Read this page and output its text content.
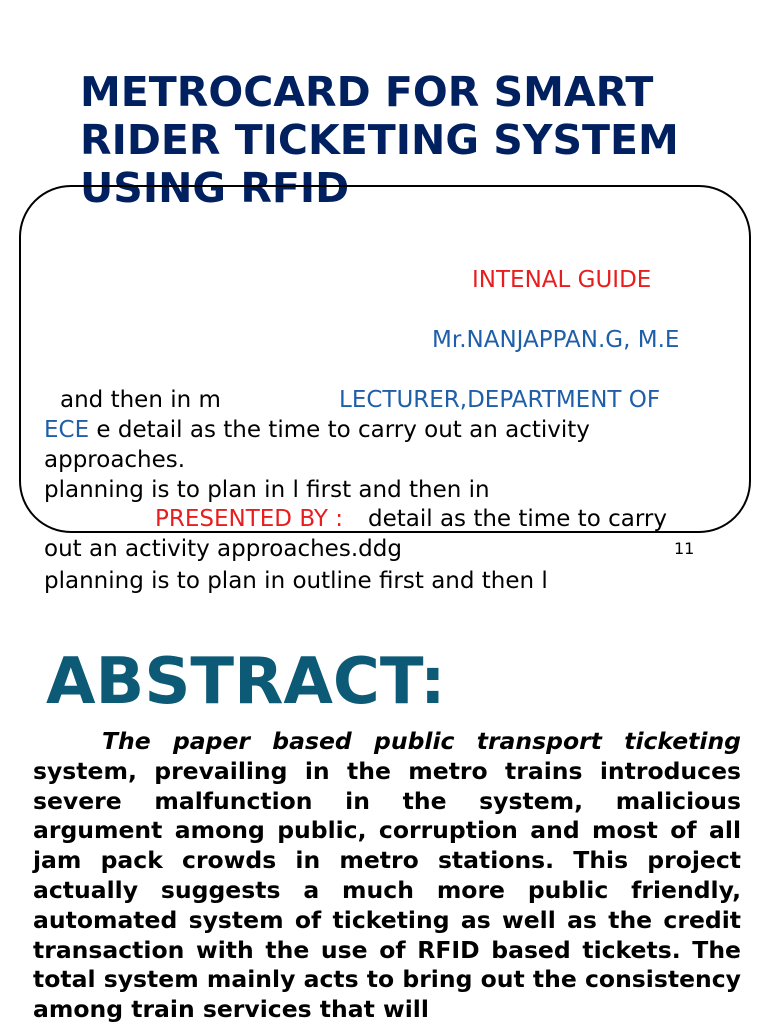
METROCARD FOR SMART RIDER TICKETING SYSTEM USING RFID
INTENAL GUIDE
Mr.NANJAPPAN.G, M.E
and then in m	LECTURER,DEPARTMENT OF
ECE e detail as the time to carry out an activity
approaches.
planning is to plan in l first and then in
PRESENTED BY : detail as the time to carry
out an activity approaches.ddg	11
planning is to plan in outline first and then l
ABSTRACT:

The paper based public transport ticketing system, prevailing in the metro trains introduces severe malfunction in the system, malicious argument among public, corruption and most of all jam pack crowds in metro stations. This project actually suggests a much more public friendly, automated system of ticketing as well as the credit transaction with the use of RFID based tickets. The total system mainly acts to bring out the consistency among train services that will
